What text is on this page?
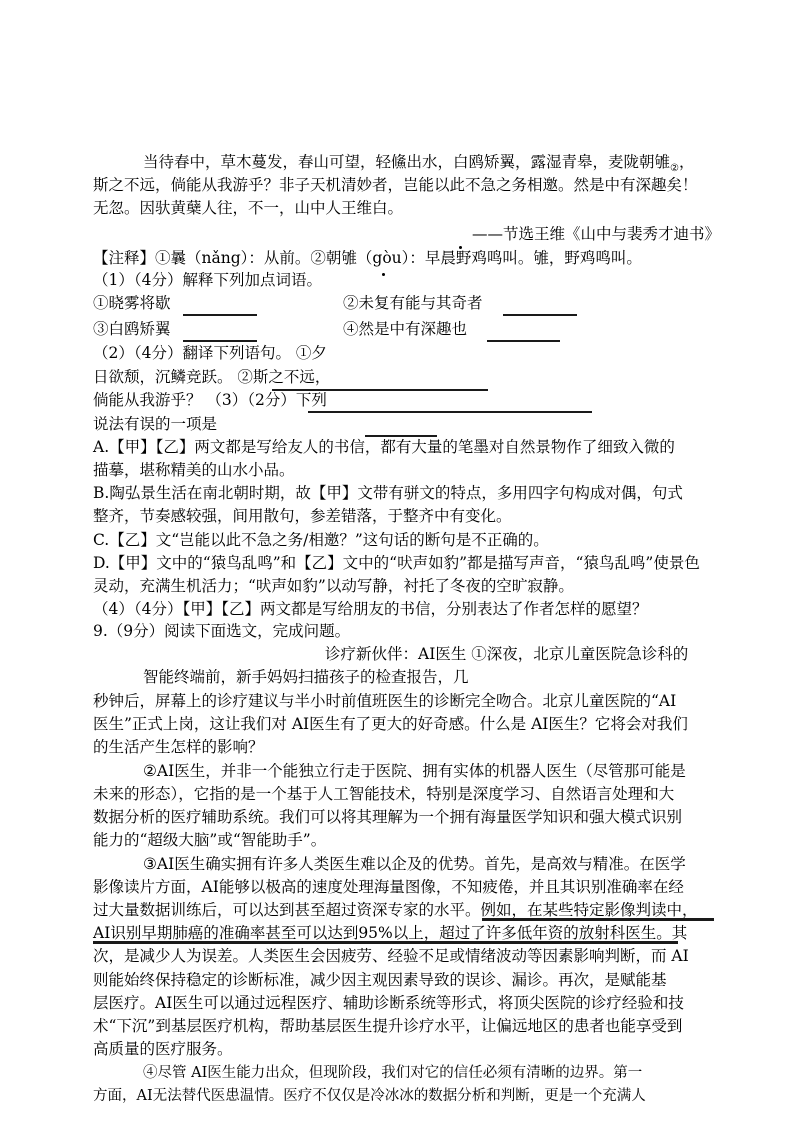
当待春中，草木蔓发，春山可望，轻鯈出水，白鸥矫翼，露湿青皋，麦陇朝雊$_②$，
斯之不远，倘能从我游乎？非子天机清妙者，岂能以此不急之务相邀。然是中有深趣矣！
无忽。因驮黄蘖人往，不一，山中人王维白。
——节选王维《山中与裴秀才迪书》
【注释】①曩（nǎng）：从前。②朝雊（gòu）：早晨野鸡鸣叫。雊，野鸡鸣叫。
（1）（4分）解释下列加点词语。
①晓雾将歇	②未复有能与其奇者
③白鸥矫翼	④然是中有深趣也
（2）（4分）翻译下列语句。 ①夕
日欲颓，沉鳞竞跃。 ②斯之不远，
倘能从我游乎？ （3）（2分）下列
说法有误的一项是
A.【甲】【乙】两文都是写给友人的书信，都有大量的笔墨对自然景物作了细致入微的
描摹，堪称精美的山水小品。
B.陶弘景生活在南北朝时期，故【甲】文带有骈文的特点，多用四字句构成对偶，句式
整齐，节奏感较强，间用散句，参差错落，于整齐中有变化。
C.【乙】文“岂能以此不急之务/相邀？”这句话的断句是不正确的。
D.【甲】文中的“猿鸟乱鸣”和【乙】文中的“吠声如豹”都是描写声音，“猿鸟乱鸣”使景色
灵动，充满生机活力；“吠声如豹”以动写静，衬托了冬夜的空旷寂静。
（4）（4分）【甲】【乙】两文都是写给朋友的书信，分别表达了作者怎样的愿望？
9.（9分）阅读下面选文，完成问题。
诊疗新伙伴：AI医生 ①深夜，北京儿童医院急诊科的
智能终端前，新手妈妈扫描孩子的检查报告，几
秒钟后，屏幕上的诊疗建议与半小时前值班医生的诊断完全吻合。北京儿童医院的“AI
医生”正式上岗，这让我们对 AI医生有了更大的好奇感。什么是 AI医生？它将会对我们
的生活产生怎样的影响？
②AI医生，并非一个能独立行走于医院、拥有实体的机器人医生（尽管那可能是
未来的形态），它指的是一个基于人工智能技术，特别是深度学习、自然语言处理和大
数据分析的医疗辅助系统。我们可以将其理解为一个拥有海量医学知识和强大模式识别
能力的“超级大脑”或“智能助手”。
③AI医生确实拥有许多人类医生难以企及的优势。首先，是高效与精准。在医学
影像读片方面，AI能够以极高的速度处理海量图像，不知疲倦，并且其识别准确率在经
过大量数据训练后，可以达到甚至超过资深专家的水平。例如，在某些特定影像判读中，
AI识别早期肺癌的准确率甚至可以达到95%以上，超过了许多低年资的放射科医生。其
次，是减少人为误差。人类医生会因疲劳、经验不足或情绪波动等因素影响判断，而 AI
则能始终保持稳定的诊断标准，减少因主观因素导致的误诊、漏诊。再次，是赋能基
层医疗。AI医生可以通过远程医疗、辅助诊断系统等形式，将顶尖医院的诊疗经验和技
术“下沉”到基层医疗机构，帮助基层医生提升诊疗水平，让偏远地区的患者也能享受到
高质量的医疗服务。
④尽管 AI医生能力出众，但现阶段，我们对它的信任必须有清晰的边界。第一
方面，AI无法替代医患温情。医疗不仅仅是冷冰冰的数据分析和判断，更是一个充满人
